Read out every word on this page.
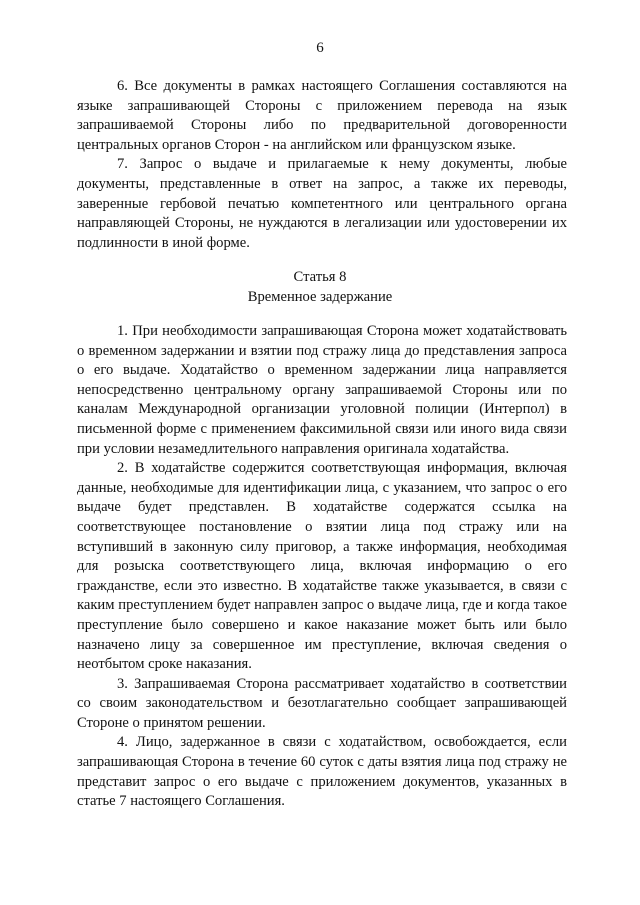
6

6. Все документы в рамках настоящего Соглашения составляются на языке запрашивающей Стороны с приложением перевода на язык запрашиваемой Стороны либо по предварительной договоренности центральных органов Сторон - на английском или французском языке.

7. Запрос о выдаче и прилагаемые к нему документы, любые документы, представленные в ответ на запрос, а также их переводы, заверенные гербовой печатью компетентного или центрального органа направляющей Стороны, не нуждаются в легализации или удостоверении их подлинности в иной форме.

Статья 8
Временное задержание

1. При необходимости запрашивающая Сторона может ходатайствовать о временном задержании и взятии под стражу лица до представления запроса о его выдаче. Ходатайство о временном задержании лица направляется непосредственно центральному органу запрашиваемой Стороны или по каналам Международной организации уголовной полиции (Интерпол) в письменной форме с применением факсимильной связи или иного вида связи при условии незамедлительного направления оригинала ходатайства.

2. В ходатайстве содержится соответствующая информация, включая данные, необходимые для идентификации лица, с указанием, что запрос о его выдаче будет представлен. В ходатайстве содержатся ссылка на соответствующее постановление о взятии лица под стражу или на вступивший в законную силу приговор, а также информация, необходимая для розыска соответствующего лица, включая информацию о его гражданстве, если это известно. В ходатайстве также указывается, в связи с каким преступлением будет направлен запрос о выдаче лица, где и когда такое преступление было совершено и какое наказание может быть или было назначено лицу за совершенное им преступление, включая сведения о неотбытом сроке наказания.

3. Запрашиваемая Сторона рассматривает ходатайство в соответствии со своим законодательством и безотлагательно сообщает запрашивающей Стороне о принятом решении.

4. Лицо, задержанное в связи с ходатайством, освобождается, если запрашивающая Сторона в течение 60 суток с даты взятия лица под стражу не представит запрос о его выдаче с приложением документов, указанных в статье 7 настоящего Соглашения.
